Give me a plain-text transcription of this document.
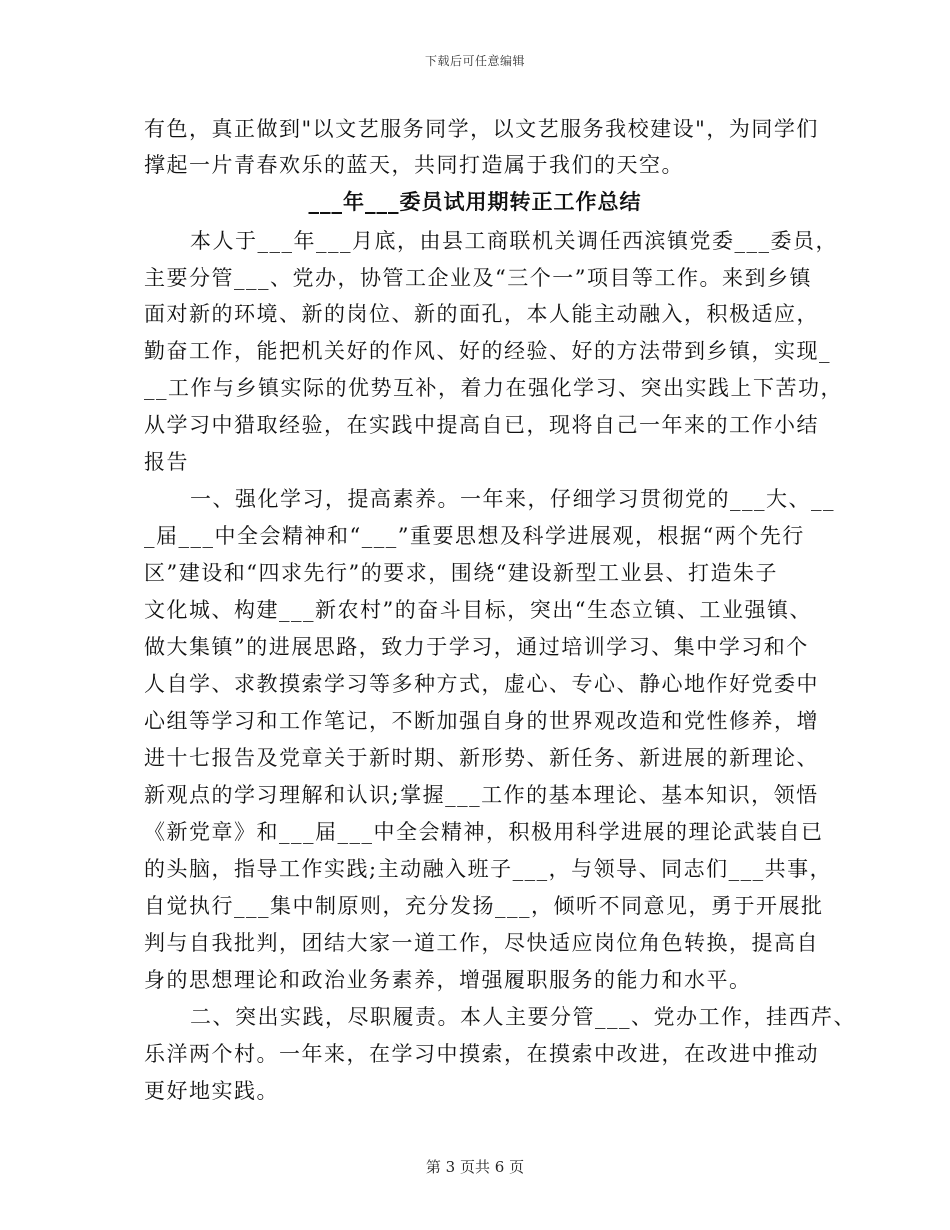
下载后可任意编辑
有色，真正做到"以文艺服务同学，以文艺服务我校建设"，为同学们
撑起一片青春欢乐的蓝天，共同打造属于我们的天空。
___年___委员试用期转正工作总结
本人于___年___月底，由县工商联机关调任西滨镇党委___委员，
主要分管___、党办，协管工企业及“三个一”项目等工作。来到乡镇
面对新的环境、新的岗位、新的面孔，本人能主动融入，积极适应，
勤奋工作，能把机关好的作风、好的经验、好的方法带到乡镇，实现_
__工作与乡镇实际的优势互补，着力在强化学习、突出实践上下苦功，
从学习中猎取经验，在实践中提高自已，现将自己一年来的工作小结
报告
一、强化学习，提高素养。一年来，仔细学习贯彻党的___大、__
_届___中全会精神和“___”重要思想及科学进展观，根据“两个先行
区”建设和“四求先行”的要求，围绕“建设新型工业县、打造朱子
文化城、构建___新农村”的奋斗目标，突出“生态立镇、工业强镇、
做大集镇”的进展思路，致力于学习，通过培训学习、集中学习和个
人自学、求教摸索学习等多种方式，虚心、专心、静心地作好党委中
心组等学习和工作笔记，不断加强自身的世界观改造和党性修养，增
进十七报告及党章关于新时期、新形势、新任务、新进展的新理论、
新观点的学习理解和认识;掌握___工作的基本理论、基本知识，领悟
《新党章》和___届___中全会精神，积极用科学进展的理论武装自已
的头脑，指导工作实践;主动融入班子___，与领导、同志们___共事，
自觉执行___集中制原则，充分发扬___，倾听不同意见，勇于开展批
判与自我批判，团结大家一道工作，尽快适应岗位角色转换，提高自
身的思想理论和政治业务素养，增强履职服务的能力和水平。
二、突出实践，尽职履责。本人主要分管___、党办工作，挂西芹、
乐洋两个村。一年来，在学习中摸索，在摸索中改进，在改进中推动
更好地实践。
第 3 页共 6 页
